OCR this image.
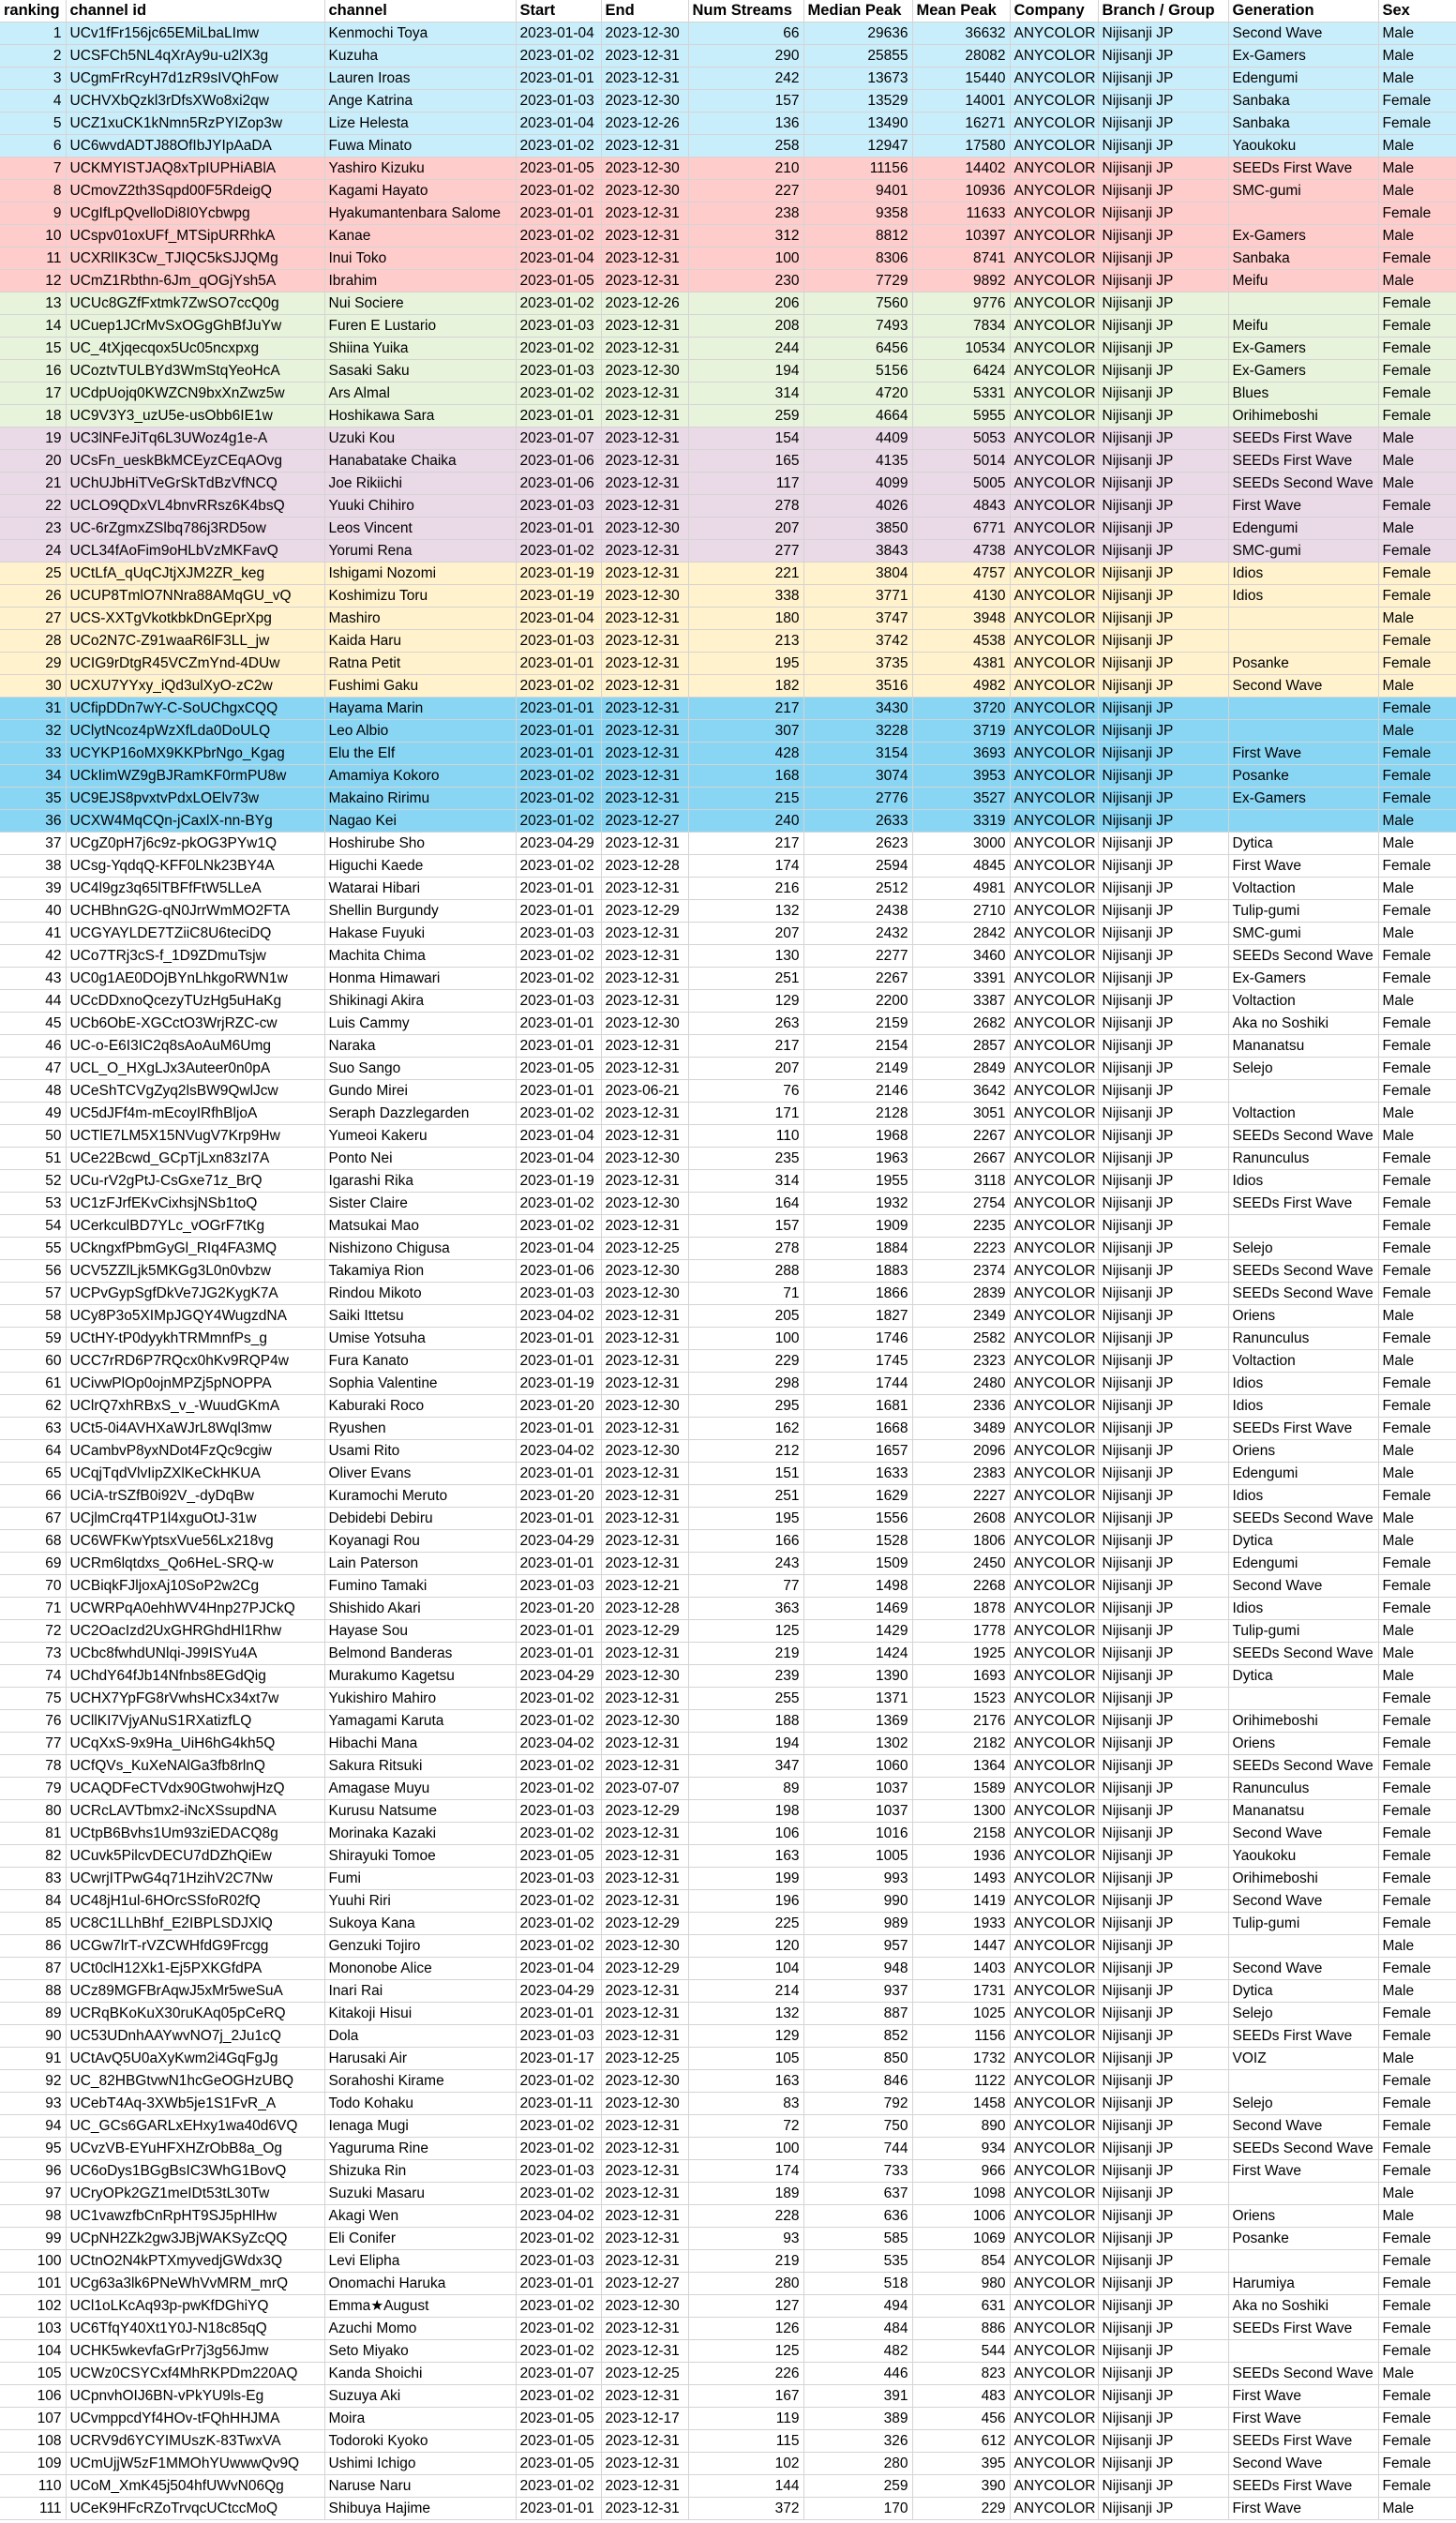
ranking	channel id	channel	Start	End	Num Streams	Median Peak	Mean Peak	Company	Branch / Group	Generation	Sex
1	UCv1fFr156jc65EMiLbaLImw	Kenmochi Toya	2023-01-04	2023-12-30	66	29636	36632	ANYCOLOR	Nijisanji JP	Second Wave	Male
2	UCSFCh5NL4qXrAy9u-u2lX3g	Kuzuha	2023-01-02	2023-12-31	290	25855	28082	ANYCOLOR	Nijisanji JP	Ex-Gamers	Male
3	UCgmFrRcyH7d1zR9sIVQhFow	Lauren Iroas	2023-01-01	2023-12-31	242	13673	15440	ANYCOLOR	Nijisanji JP	Edengumi	Male
4	UCHVXbQzkl3rDfsXWo8xi2qw	Ange Katrina	2023-01-03	2023-12-30	157	13529	14001	ANYCOLOR	Nijisanji JP	Sanbaka	Female
5	UCZ1xuCK1kNmn5RzPYIZop3w	Lize Helesta	2023-01-04	2023-12-26	136	13490	16271	ANYCOLOR	Nijisanji JP	Sanbaka	Female
6	UC6wvdADTJ88OfIbJYIpAaDA	Fuwa Minato	2023-01-02	2023-12-31	258	12947	17580	ANYCOLOR	Nijisanji JP	Yaoukoku	Male
7	UCKMYISTJAQ8xTpIUPHiABlA	Yashiro Kizuku	2023-01-05	2023-12-30	210	11156	14402	ANYCOLOR	Nijisanji JP	SEEDs First Wave	Male
8	UCmovZ2th3Sqpd00F5RdeigQ	Kagami Hayato	2023-01-02	2023-12-30	227	9401	10936	ANYCOLOR	Nijisanji JP	SMC-gumi	Male
9	UCgIfLpQvelloDi8I0Ycbwpg	Hyakumantenbara Salome	2023-01-01	2023-12-31	238	9358	11633	ANYCOLOR	Nijisanji JP		Female
10	UCspv01oxUFf_MTSipURRhkA	Kanae	2023-01-02	2023-12-31	312	8812	10397	ANYCOLOR	Nijisanji JP	Ex-Gamers	Male
11	UCXRlIK3Cw_TJIQC5kSJJQMg	Inui Toko	2023-01-04	2023-12-31	100	8306	8741	ANYCOLOR	Nijisanji JP	Sanbaka	Female
12	UCmZ1Rbthn-6Jm_qOGjYsh5A	Ibrahim	2023-01-05	2023-12-31	230	7729	9892	ANYCOLOR	Nijisanji JP	Meifu	Male
13	UCUc8GZfFxtmk7ZwSO7ccQ0g	Nui Sociere	2023-01-02	2023-12-26	206	7560	9776	ANYCOLOR	Nijisanji JP		Female
14	UCuep1JCrMvSxOGgGhBfJuYw	Furen E Lustario	2023-01-03	2023-12-31	208	7493	7834	ANYCOLOR	Nijisanji JP	Meifu	Female
15	UC_4tXjqecqox5Uc05ncxpxg	Shiina Yuika	2023-01-02	2023-12-31	244	6456	10534	ANYCOLOR	Nijisanji JP	Ex-Gamers	Female
16	UCoztvTULBYd3WmStqYeoHcA	Sasaki Saku	2023-01-03	2023-12-30	194	5156	6424	ANYCOLOR	Nijisanji JP	Ex-Gamers	Female
17	UCdpUojq0KWZCN9bxXnZwz5w	Ars Almal	2023-01-02	2023-12-31	314	4720	5331	ANYCOLOR	Nijisanji JP	Blues	Female
18	UC9V3Y3_uzU5e-usObb6IE1w	Hoshikawa Sara	2023-01-01	2023-12-31	259	4664	5955	ANYCOLOR	Nijisanji JP	Orihimeboshi	Female
19	UC3lNFeJiTq6L3UWoz4g1e-A	Uzuki Kou	2023-01-07	2023-12-31	154	4409	5053	ANYCOLOR	Nijisanji JP	SEEDs First Wave	Male
20	UCsFn_ueskBkMCEyzCEqAOvg	Hanabatake Chaika	2023-01-06	2023-12-31	165	4135	5014	ANYCOLOR	Nijisanji JP	SEEDs First Wave	Male
21	UChUJbHiTVeGrSkTdBzVfNCQ	Joe Rikiichi	2023-01-06	2023-12-31	117	4099	5005	ANYCOLOR	Nijisanji JP	SEEDs Second Wave	Male
22	UCLO9QDxVL4bnvRRsz6K4bsQ	Yuuki Chihiro	2023-01-03	2023-12-31	278	4026	4843	ANYCOLOR	Nijisanji JP	First Wave	Female
23	UC-6rZgmxZSlbq786j3RD5ow	Leos Vincent	2023-01-01	2023-12-30	207	3850	6771	ANYCOLOR	Nijisanji JP	Edengumi	Male
24	UCL34fAoFim9oHLbVzMKFavQ	Yorumi Rena	2023-01-02	2023-12-31	277	3843	4738	ANYCOLOR	Nijisanji JP	SMC-gumi	Female
25	UCtLfA_qUqCJtjXJM2ZR_keg	Ishigami Nozomi	2023-01-19	2023-12-31	221	3804	4757	ANYCOLOR	Nijisanji JP	Idios	Female
26	UCUP8TmlO7NNra88AMqGU_vQ	Koshimizu Toru	2023-01-19	2023-12-30	338	3771	4130	ANYCOLOR	Nijisanji JP	Idios	Female
27	UCS-XXTgVkotkbkDnGEprXpg	Mashiro	2023-01-04	2023-12-31	180	3747	3948	ANYCOLOR	Nijisanji JP		Male
28	UCo2N7C-Z91waaR6lF3LL_jw	Kaida Haru	2023-01-03	2023-12-31	213	3742	4538	ANYCOLOR	Nijisanji JP		Female
29	UCIG9rDtgR45VCZmYnd-4DUw	Ratna Petit	2023-01-01	2023-12-31	195	3735	4381	ANYCOLOR	Nijisanji JP	Posanke	Female
30	UCXU7YYxy_iQd3ulXyO-zC2w	Fushimi Gaku	2023-01-02	2023-12-31	182	3516	4982	ANYCOLOR	Nijisanji JP	Second Wave	Male
31	UCfipDDn7wY-C-SoUChgxCQQ	Hayama Marin	2023-01-01	2023-12-31	217	3430	3720	ANYCOLOR	Nijisanji JP		Female
32	UClytNcoz4pWzXfLda0DoULQ	Leo Albio	2023-01-01	2023-12-31	307	3228	3719	ANYCOLOR	Nijisanji JP		Male
33	UCYKP16oMX9KKPbrNgo_Kgag	Elu the Elf	2023-01-01	2023-12-31	428	3154	3693	ANYCOLOR	Nijisanji JP	First Wave	Female
34	UCkIimWZ9gBJRamKF0rmPU8w	Amamiya Kokoro	2023-01-02	2023-12-31	168	3074	3953	ANYCOLOR	Nijisanji JP	Posanke	Female
35	UC9EJS8pvxtvPdxLOElv73w	Makaino Ririmu	2023-01-02	2023-12-31	215	2776	3527	ANYCOLOR	Nijisanji JP	Ex-Gamers	Female
36	UCXW4MqCQn-jCaxlX-nn-BYg	Nagao Kei	2023-01-02	2023-12-27	240	2633	3319	ANYCOLOR	Nijisanji JP		Male
37	UCgZ0pH7j6c9z-pkOG3PYw1Q	Hoshirube Sho	2023-04-29	2023-12-31	217	2623	3000	ANYCOLOR	Nijisanji JP	Dytica	Male
38	UCsg-YqdqQ-KFF0LNk23BY4A	Higuchi Kaede	2023-01-02	2023-12-28	174	2594	4845	ANYCOLOR	Nijisanji JP	First Wave	Female
39	UC4l9gz3q65lTBFfFtW5LLeA	Watarai Hibari	2023-01-01	2023-12-31	216	2512	4981	ANYCOLOR	Nijisanji JP	Voltaction	Male
40	UCHBhnG2G-qN0JrrWmMO2FTA	Shellin Burgundy	2023-01-01	2023-12-29	132	2438	2710	ANYCOLOR	Nijisanji JP	Tulip-gumi	Female
41	UCGYAYLDE7TZiiC8U6teciDQ	Hakase Fuyuki	2023-01-03	2023-12-31	207	2432	2842	ANYCOLOR	Nijisanji JP	SMC-gumi	Male
42	UCo7TRj3cS-f_1D9ZDmuTsjw	Machita Chima	2023-01-02	2023-12-31	130	2277	3460	ANYCOLOR	Nijisanji JP	SEEDs Second Wave	Female
43	UC0g1AE0DOjBYnLhkgoRWN1w	Honma Himawari	2023-01-02	2023-12-31	251	2267	3391	ANYCOLOR	Nijisanji JP	Ex-Gamers	Female
44	UCcDDxnoQcezyTUzHg5uHaKg	Shikinagi Akira	2023-01-03	2023-12-31	129	2200	3387	ANYCOLOR	Nijisanji JP	Voltaction	Male
45	UCb6ObE-XGCctO3WrjRZC-cw	Luis Cammy	2023-01-01	2023-12-30	263	2159	2682	ANYCOLOR	Nijisanji JP	Aka no Soshiki	Female
46	UC-o-E6I3IC2q8sAoAuM6Umg	Naraka	2023-01-01	2023-12-31	217	2154	2857	ANYCOLOR	Nijisanji JP	Mananatsu	Female
47	UCL_O_HXgLJx3Auteer0n0pA	Suo Sango	2023-01-05	2023-12-31	207	2149	2849	ANYCOLOR	Nijisanji JP	Selejo	Female
48	UCeShTCVgZyq2lsBW9QwlJcw	Gundo Mirei	2023-01-01	2023-06-21	76	2146	3642	ANYCOLOR	Nijisanji JP		Female
49	UC5dJFf4m-mEcoyIRfhBljoA	Seraph Dazzlegarden	2023-01-02	2023-12-31	171	2128	3051	ANYCOLOR	Nijisanji JP	Voltaction	Male
50	UCTlE7LM5X15NVugV7Krp9Hw	Yumeoi Kakeru	2023-01-04	2023-12-31	110	1968	2267	ANYCOLOR	Nijisanji JP	SEEDs Second Wave	Male
51	UCe22Bcwd_GCpTjLxn83zI7A	Ponto Nei	2023-01-04	2023-12-30	235	1963	2667	ANYCOLOR	Nijisanji JP	Ranunculus	Female
52	UCu-rV2gPtJ-CsGxe71z_BrQ	Igarashi Rika	2023-01-19	2023-12-31	314	1955	3118	ANYCOLOR	Nijisanji JP	Idios	Female
53	UC1zFJrfEKvCixhsjNSb1toQ	Sister Claire	2023-01-02	2023-12-30	164	1932	2754	ANYCOLOR	Nijisanji JP	SEEDs First Wave	Female
54	UCerkculBD7YLc_vOGrF7tKg	Matsukai Mao	2023-01-02	2023-12-31	157	1909	2235	ANYCOLOR	Nijisanji JP		Female
55	UCkngxfPbmGyGl_RIq4FA3MQ	Nishizono Chigusa	2023-01-04	2023-12-25	278	1884	2223	ANYCOLOR	Nijisanji JP	Selejo	Female
56	UCV5ZZlLjk5MKGg3L0n0vbzw	Takamiya Rion	2023-01-06	2023-12-30	288	1883	2374	ANYCOLOR	Nijisanji JP	SEEDs Second Wave	Female
57	UCPvGypSgfDkVe7JG2KygK7A	Rindou Mikoto	2023-01-03	2023-12-30	71	1866	2839	ANYCOLOR	Nijisanji JP	SEEDs Second Wave	Female
58	UCy8P3o5XIMpJGQY4WugzdNA	Saiki Ittetsu	2023-04-02	2023-12-31	205	1827	2349	ANYCOLOR	Nijisanji JP	Oriens	Male
59	UCtHY-tP0dyykhTRMmnfPs_g	Umise Yotsuha	2023-01-01	2023-12-31	100	1746	2582	ANYCOLOR	Nijisanji JP	Ranunculus	Female
60	UCC7rRD6P7RQcx0hKv9RQP4w	Fura Kanato	2023-01-01	2023-12-31	229	1745	2323	ANYCOLOR	Nijisanji JP	Voltaction	Male
61	UCivwPlOp0ojnMPZj5pNOPPA	Sophia Valentine	2023-01-19	2023-12-31	298	1744	2480	ANYCOLOR	Nijisanji JP	Idios	Female
62	UClrQ7xhRBxS_v_-WuudGKmA	Kaburaki Roco	2023-01-20	2023-12-30	295	1681	2336	ANYCOLOR	Nijisanji JP	Idios	Female
63	UCt5-0i4AVHXaWJrL8Wql3mw	Ryushen	2023-01-01	2023-12-31	162	1668	3489	ANYCOLOR	Nijisanji JP	SEEDs First Wave	Female
64	UCambvP8yxNDot4FzQc9cgiw	Usami Rito	2023-04-02	2023-12-30	212	1657	2096	ANYCOLOR	Nijisanji JP	Oriens	Male
65	UCqjTqdVlvIipZXlKeCkHKUA	Oliver Evans	2023-01-01	2023-12-31	151	1633	2383	ANYCOLOR	Nijisanji JP	Edengumi	Male
66	UCiA-trSZfB0i92V_-dyDqBw	Kuramochi Meruto	2023-01-20	2023-12-31	251	1629	2227	ANYCOLOR	Nijisanji JP	Idios	Female
67	UCjlmCrq4TP1l4xguOtJ-31w	Debidebi Debiru	2023-01-01	2023-12-31	195	1556	2608	ANYCOLOR	Nijisanji JP	SEEDs Second Wave	Male
68	UC6WFKwYptsxVue56Lx218vg	Koyanagi Rou	2023-04-29	2023-12-31	166	1528	1806	ANYCOLOR	Nijisanji JP	Dytica	Male
69	UCRm6lqtdxs_Qo6HeL-SRQ-w	Lain Paterson	2023-01-01	2023-12-31	243	1509	2450	ANYCOLOR	Nijisanji JP	Edengumi	Female
70	UCBiqkFJljoxAj10SoP2w2Cg	Fumino Tamaki	2023-01-03	2023-12-21	77	1498	2268	ANYCOLOR	Nijisanji JP	Second Wave	Female
71	UCWRPqA0ehhWV4Hnp27PJCkQ	Shishido Akari	2023-01-20	2023-12-28	363	1469	1878	ANYCOLOR	Nijisanji JP	Idios	Female
72	UC2OacIzd2UxGHRGhdHl1Rhw	Hayase Sou	2023-01-01	2023-12-29	125	1429	1778	ANYCOLOR	Nijisanji JP	Tulip-gumi	Male
73	UCbc8fwhdUNlqi-J99ISYu4A	Belmond Banderas	2023-01-01	2023-12-31	219	1424	1925	ANYCOLOR	Nijisanji JP	SEEDs Second Wave	Male
74	UChdY64fJb14Nfnbs8EGdQig	Murakumo Kagetsu	2023-04-29	2023-12-30	239	1390	1693	ANYCOLOR	Nijisanji JP	Dytica	Male
75	UCHX7YpFG8rVwhsHCx34xt7w	Yukishiro Mahiro	2023-01-02	2023-12-31	255	1371	1523	ANYCOLOR	Nijisanji JP		Female
76	UCllKI7VjyANuS1RXatizfLQ	Yamagami Karuta	2023-01-02	2023-12-30	188	1369	2176	ANYCOLOR	Nijisanji JP	Orihimeboshi	Female
77	UCqXxS-9x9Ha_UiH6hG4kh5Q	Hibachi Mana	2023-04-02	2023-12-31	194	1302	2182	ANYCOLOR	Nijisanji JP	Oriens	Female
78	UCfQVs_KuXeNAlGa3fb8rlnQ	Sakura Ritsuki	2023-01-02	2023-12-31	347	1060	1364	ANYCOLOR	Nijisanji JP	SEEDs Second Wave	Female
79	UCAQDFeCTVdx90GtwohwjHzQ	Amagase Muyu	2023-01-02	2023-07-07	89	1037	1589	ANYCOLOR	Nijisanji JP	Ranunculus	Female
80	UCRcLAVTbmx2-iNcXSsupdNA	Kurusu Natsume	2023-01-03	2023-12-29	198	1037	1300	ANYCOLOR	Nijisanji JP	Mananatsu	Female
81	UCtpB6Bvhs1Um93ziEDACQ8g	Morinaka Kazaki	2023-01-02	2023-12-31	106	1016	2158	ANYCOLOR	Nijisanji JP	Second Wave	Female
82	UCuvk5PilcvDECU7dDZhQiEw	Shirayuki Tomoe	2023-01-05	2023-12-31	163	1005	1936	ANYCOLOR	Nijisanji JP	Yaoukoku	Female
83	UCwrjITPwG4q71HzihV2C7Nw	Fumi	2023-01-03	2023-12-31	199	993	1493	ANYCOLOR	Nijisanji JP	Orihimeboshi	Female
84	UC48jH1ul-6HOrcSSfoR02fQ	Yuuhi Riri	2023-01-02	2023-12-31	196	990	1419	ANYCOLOR	Nijisanji JP	Second Wave	Female
85	UC8C1LLhBhf_E2IBPLSDJXlQ	Sukoya Kana	2023-01-02	2023-12-29	225	989	1933	ANYCOLOR	Nijisanji JP	Tulip-gumi	Female
86	UCGw7lrT-rVZCWHfdG9Frcgg	Genzuki Tojiro	2023-01-02	2023-12-30	120	957	1447	ANYCOLOR	Nijisanji JP		Male
87	UCt0clH12Xk1-Ej5PXKGfdPA	Mononobe Alice	2023-01-04	2023-12-29	104	948	1403	ANYCOLOR	Nijisanji JP	Second Wave	Female
88	UCz89MGFBrAqwJ5xMr5weSuA	Inari Rai	2023-04-29	2023-12-31	214	937	1731	ANYCOLOR	Nijisanji JP	Dytica	Male
89	UCRqBKoKuX30ruKAq05pCeRQ	Kitakoji Hisui	2023-01-01	2023-12-31	132	887	1025	ANYCOLOR	Nijisanji JP	Selejo	Female
90	UC53UDnhAAYwvNO7j_2Ju1cQ	Dola	2023-01-03	2023-12-31	129	852	1156	ANYCOLOR	Nijisanji JP	SEEDs First Wave	Female
91	UCtAvQ5U0aXyKwm2i4GqFgJg	Harusaki Air	2023-01-17	2023-12-25	105	850	1732	ANYCOLOR	Nijisanji JP	VOIZ	Male
92	UC_82HBGtvwN1hcGeOGHzUBQ	Sorahoshi Kirame	2023-01-02	2023-12-30	163	846	1122	ANYCOLOR	Nijisanji JP		Female
93	UCebT4Aq-3XWb5je1S1FvR_A	Todo Kohaku	2023-01-11	2023-12-30	83	792	1458	ANYCOLOR	Nijisanji JP	Selejo	Female
94	UC_GCs6GARLxEHxy1wa40d6VQ	Ienaga Mugi	2023-01-02	2023-12-31	72	750	890	ANYCOLOR	Nijisanji JP	Second Wave	Female
95	UCvzVB-EYuHFXHZrObB8a_Og	Yaguruma Rine	2023-01-02	2023-12-31	100	744	934	ANYCOLOR	Nijisanji JP	SEEDs Second Wave	Female
96	UC6oDys1BGgBsIC3WhG1BovQ	Shizuka Rin	2023-01-03	2023-12-31	174	733	966	ANYCOLOR	Nijisanji JP	First Wave	Female
97	UCryOPk2GZ1meIDt53tL30Tw	Suzuki Masaru	2023-01-02	2023-12-31	189	637	1098	ANYCOLOR	Nijisanji JP		Male
98	UC1vawzfbCnRpHT9SJ5pHlHw	Akagi Wen	2023-04-02	2023-12-31	228	636	1006	ANYCOLOR	Nijisanji JP	Oriens	Male
99	UCpNH2Zk2gw3JBjWAKSyZcQQ	Eli Conifer	2023-01-02	2023-12-31	93	585	1069	ANYCOLOR	Nijisanji JP	Posanke	Female
100	UCtnO2N4kPTXmyvedjGWdx3Q	Levi Elipha	2023-01-03	2023-12-31	219	535	854	ANYCOLOR	Nijisanji JP		Female
101	UCg63a3lk6PNeWhVvMRM_mrQ	Onomachi Haruka	2023-01-01	2023-12-27	280	518	980	ANYCOLOR	Nijisanji JP	Harumiya	Female
102	UCl1oLKcAq93p-pwKfDGhiYQ	Emma★August	2023-01-02	2023-12-30	127	494	631	ANYCOLOR	Nijisanji JP	Aka no Soshiki	Female
103	UC6TfqY40Xt1Y0J-N18c85qQ	Azuchi Momo	2023-01-02	2023-12-31	126	484	886	ANYCOLOR	Nijisanji JP	SEEDs First Wave	Female
104	UCHK5wkevfaGrPr7j3g56Jmw	Seto Miyako	2023-01-02	2023-12-31	125	482	544	ANYCOLOR	Nijisanji JP		Female
105	UCWz0CSYCxf4MhRKPDm220AQ	Kanda Shoichi	2023-01-07	2023-12-25	226	446	823	ANYCOLOR	Nijisanji JP	SEEDs Second Wave	Male
106	UCpnvhOIJ6BN-vPkYU9ls-Eg	Suzuya Aki	2023-01-02	2023-12-31	167	391	483	ANYCOLOR	Nijisanji JP	First Wave	Female
107	UCvmppcdYf4HOv-tFQhHHJMA	Moira	2023-01-05	2023-12-17	119	389	456	ANYCOLOR	Nijisanji JP	First Wave	Female
108	UCRV9d6YCYIMUszK-83TwxVA	Todoroki Kyoko	2023-01-05	2023-12-31	115	326	612	ANYCOLOR	Nijisanji JP	SEEDs First Wave	Female
109	UCmUjjW5zF1MMOhYUwwwQv9Q	Ushimi Ichigo	2023-01-05	2023-12-31	102	280	395	ANYCOLOR	Nijisanji JP	Second Wave	Female
110	UCoM_XmK45j504hfUWvN06Qg	Naruse Naru	2023-01-02	2023-12-31	144	259	390	ANYCOLOR	Nijisanji JP	SEEDs First Wave	Female
111	UCeK9HFcRZoTrvqcUCtccMoQ	Shibuya Hajime	2023-01-01	2023-12-31	372	170	229	ANYCOLOR	Nijisanji JP	First Wave	Male
